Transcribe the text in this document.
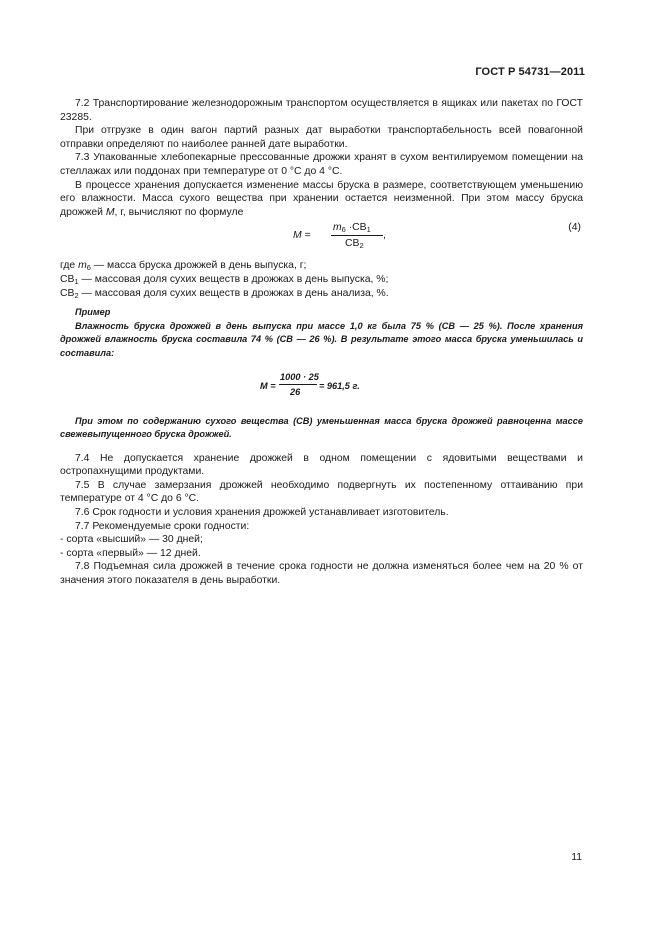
ГОСТ Р 54731—2011

7.2 Транспортирование железнодорожным транспортом осуществляется в ящиках или пакетах по ГОСТ 23285.

При отгрузке в один вагон партий разных дат выработки транспортабельность всей повагонной отправки определяют по наиболее ранней дате выработки.

7.3 Упакованные хлебопекарные прессованные дрожжи хранят в сухом вентилируемом помещении на стеллажах или поддонах при температуре от 0 °С до 4 °С.

В процессе хранения допускается изменение массы бруска в размере, соответствующем уменьшению его влажности. Масса сухого вещества при хранении остается неизменной. При этом массу бруска дрожжей М, г, вычисляют по формуле

M =
$m_6 \cdot CB_1$
$CB_2$
,
(4)

где $m_6$ — масса бруска дрожжей в день выпуска, г;

$CB_1$ — массовая доля сухих веществ в дрожжах в день выпуска, %;

$CB_2$ — массовая доля сухих веществ в дрожжах в день анализа, %.

Пример

Влажность бруска дрожжей в день выпуска при массе 1,0 кг была 75 % (СВ — 25 %). После хранения дрожжей влажность бруска составила 74 % (СВ — 26 %). В результате этого масса бруска уменьшилась и составила:

М =
1000 · 25
26
= 961,5 г.

При этом по содержанию сухого вещества (СВ) уменьшенная масса бруска дрожжей равноценна массе свежевыпущенного бруска дрожжей.

7.4 Не допускается хранение дрожжей в одном помещении с ядовитыми веществами и остропахнущими продуктами.

7.5 В случае замерзания дрожжей необходимо подвергнуть их постепенному оттаиванию при температуре от 4 °С до 6 °С.

7.6 Срок годности и условия хранения дрожжей устанавливает изготовитель.

7.7 Рекомендуемые сроки годности:

- сорта «высший» — 30 дней;

- сорта «первый» — 12 дней.

7.8 Подъемная сила дрожжей в течение срока годности не должна изменяться более чем на 20 % от значения этого показателя в день выработки.

11
